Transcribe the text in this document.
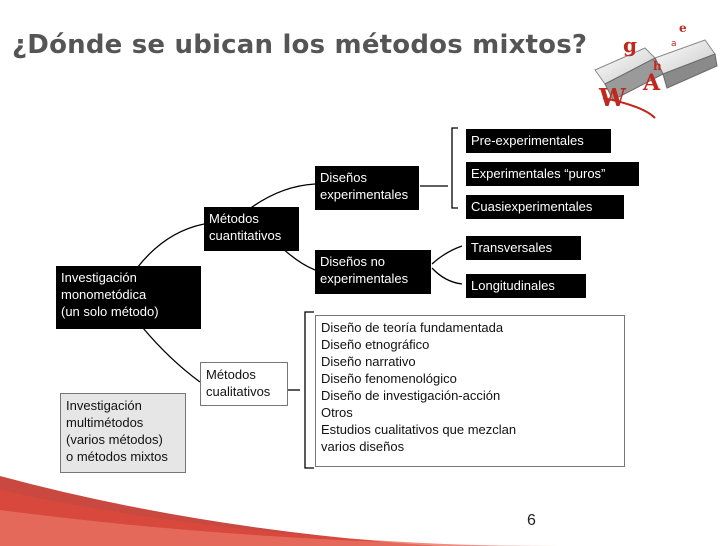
¿Dónde se ubican los métodos mixtos? g
e
a
h
W A
Investigación
monometódica
(un solo método)
Investigación
multimétodos
(varios métodos)
o métodos mixtos
Métodos
cuantitativos
Métodos
cualitativos
Diseños
experimentales
Diseños no
experimentales
Pre-experimentales
Experimentales “puros”
Cuasiexperimentales
Transversales
Longitudinales
Diseño de teoría fundamentada
Diseño etnográfico
Diseño narrativo
Diseño fenomenológico
Diseño de investigación-acción
Otros
Estudios cualitativos que mezclan
varios diseños
6
